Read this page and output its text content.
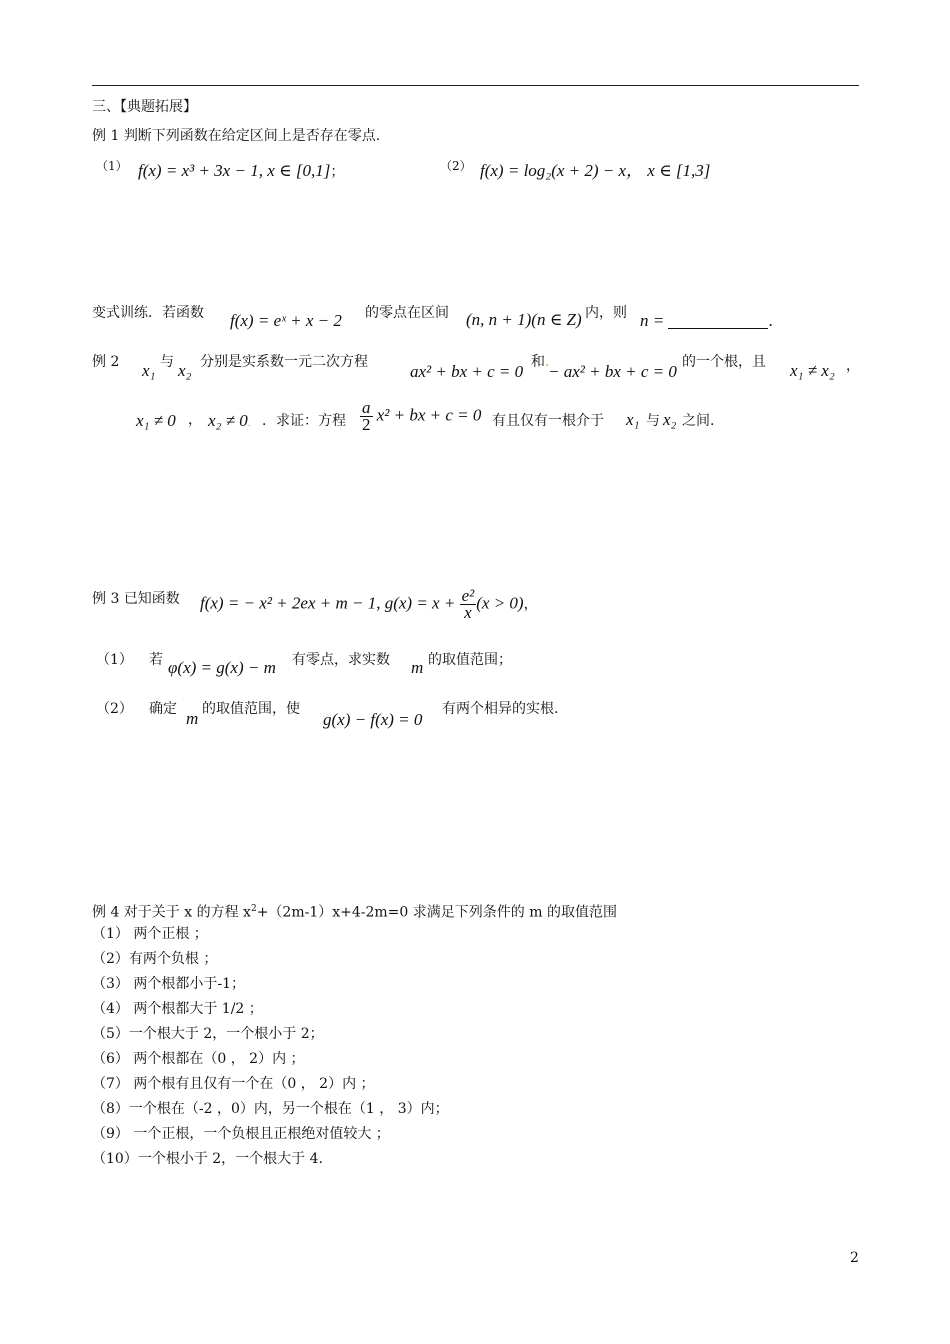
三、【典题拓展】
例 1 判断下列函数在给定区间上是否存在零点.
（1） f(x) = x³ + 3x − 1, x ∈ [0,1]；	（2） f(x) = log₂(x + 2) − x， x ∈ [1,3]
变式训练．若函数 f(x) = eˣ + x − 2 的零点在区间 (n, n + 1)(n ∈ Z) 内，则 n =	.
例 2 x₁ 与 x₂ 分别是实系数一元二次方程 ax² + bx + c = 0 和.
− ax² + bx + c = 0 的一个根，且 x₁ ≠ x₂ ，
x₁ ≠ 0 ， x₂ ≠ 0. ．求证：方程 $\frac{a}{2} x^2$ + bx + c = 0 有且仅有一根介于 x₁ 与 x₂ 之间.
例 3 已知函数 f(x) = − x² + 2ex + m − 1, $g(x) = x + \frac{\text{e²}}{x} (x > 0)$，
（1） 若 φ(x) = g(x) − m 有零点，求实数 m 的取值范围；
（2） 确定 m 的取值范围，使
g(x) − f(x) = 0
有两个相异的实根.
例 4 对于关于 x 的方程 $x^2+(2m-1)x+4-2m=0$ 求满足下列条件的 m 的取值范围
（1） 两个正根 ；
（2）有两个负根 ；
（3） 两个根都小于-1；
（4） 两个根都大于 1/2 ；
（5）一个根大于 2，一个根小于 2；
（6） 两个根都在（0 ， 2）内 ；
（7） 两个根有且仅有一个在（0 ， 2）内 ；
（8）一个根在（-2 ，0）内，另一个根在（1 ， 3）内；
（9） 一个正根，一个负根且正根绝对值较大 ；
（10）一个根小于 2，一个根大于 4.
2
